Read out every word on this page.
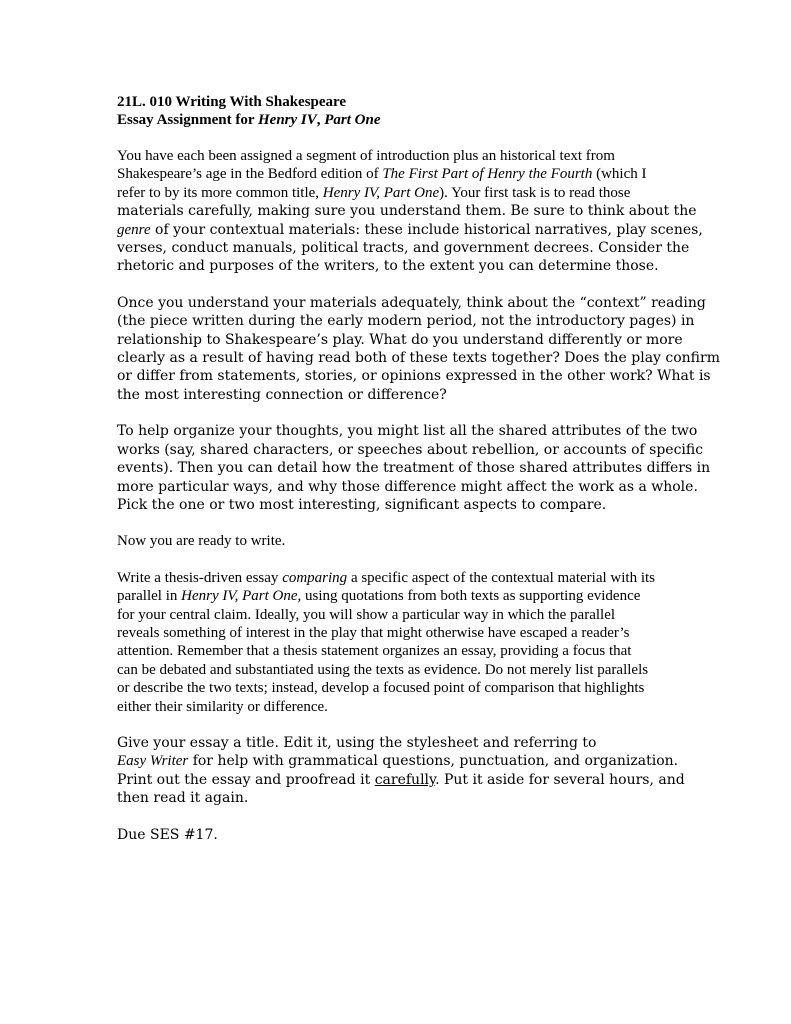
21L. 010 Writing With Shakespeare

Essay Assignment for Henry IV, Part One

You have each been assigned a segment of introduction plus an historical text from
Shakespeare’s age in the Bedford edition of The First Part of Henry the Fourth (which I
refer to by its more common title, Henry IV, Part One). Your first task is to read those
materials carefully, making sure you understand them. Be sure to think about the
genre of your contextual materials: these include historical narratives, play scenes,
verses, conduct manuals, political tracts, and government decrees. Consider the
rhetoric and purposes of the writers, to the extent you can determine those.
Once you understand your materials adequately, think about the “context” reading
(the piece written during the early modern period, not the introductory pages) in
relationship to Shakespeare’s play. What do you understand differently or more
clearly as a result of having read both of these texts together? Does the play confirm
or differ from statements, stories, or opinions expressed in the other work? What is
the most interesting connection or difference?
To help organize your thoughts, you might list all the shared attributes of the two
works (say, shared characters, or speeches about rebellion, or accounts of specific
events). Then you can detail how the treatment of those shared attributes differs in
more particular ways, and why those difference might affect the work as a whole.
Pick the one or two most interesting, significant aspects to compare.
Now you are ready to write.
Write a thesis-driven essay comparing a specific aspect of the contextual material with its
parallel in Henry IV, Part One, using quotations from both texts as supporting evidence
for your central claim. Ideally, you will show a particular way in which the parallel
reveals something of interest in the play that might otherwise have escaped a reader’s
attention. Remember that a thesis statement organizes an essay, providing a focus that
can be debated and substantiated using the texts as evidence. Do not merely list parallels
or describe the two texts; instead, develop a focused point of comparison that highlights
either their similarity or difference.
Give your essay a title. Edit it, using the stylesheet and referring to
Easy Writer for help with grammatical questions, punctuation, and organization.
Print out the essay and proofread it carefully. Put it aside for several hours, and
then read it again.
Due SES #17.
